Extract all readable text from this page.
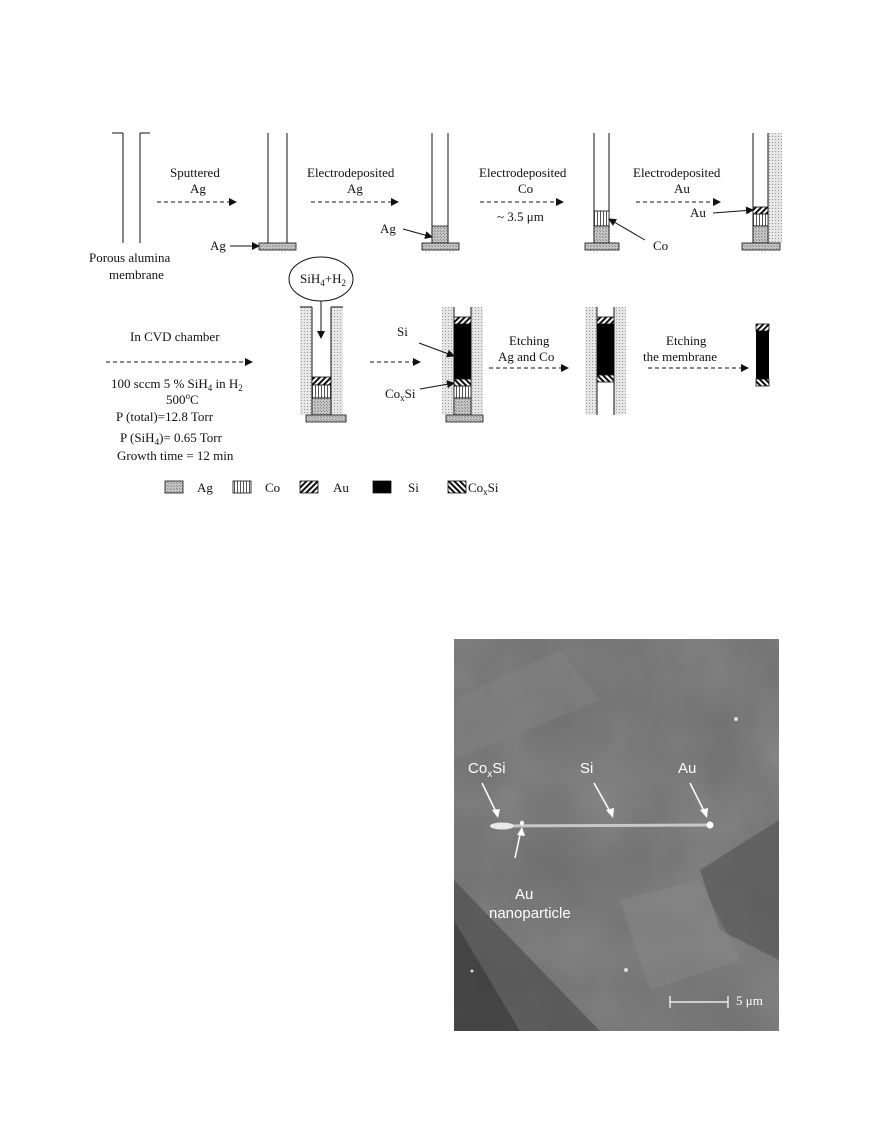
Porous alumina
membrane
Sputtered
Ag
Ag
Electrodeposited
Ag
Ag
Electrodeposited
Co
~ 3.5 μm
Co
Electrodeposited
Au
Au
In CVD chamber
100 sccm 5 % SiH$_4$ in $H_2$
500$^o$C
P (total)=12.8 Torr
P (SiH$_4$)= 0.65 Torr
Growth time = 12 min
$SiH_4+H_2$
Si
$Co_xSi$
Etching
Ag and Co
Etching
the membrane
Ag	Co	Au	Si	$Co_xSi$
$Co_xSi$	Si	Au
Au
nanoparticle
5 μm
